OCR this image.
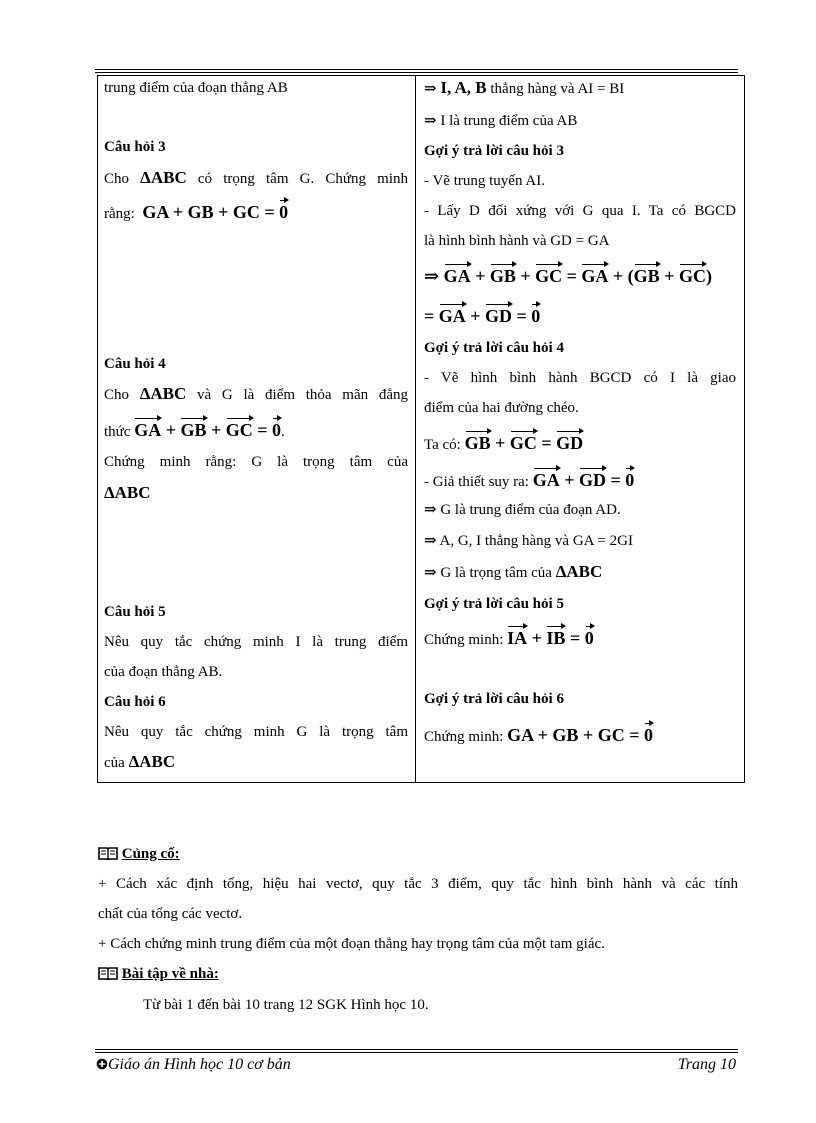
trung điểm của đoạn thẳng AB
Câu hỏi 3
Cho ΔABC có trọng tâm G. Chứng minh
rằng: GA + GB + GC = 0
Câu hỏi 4
Cho ΔABC và G là điểm thỏa mãn đẳng
thức GA + GB + GC = 0.
Chứng minh rằng: G là trọng tâm của
ΔABC
Câu hỏi 5
Nêu quy tắc chứng minh I là trung điểm
của đoạn thẳng AB.
Câu hỏi 6
Nêu quy tắc chứng minh G là trọng tâm
của ΔABC
⇒ I, A, B thẳng hàng và AI = BI
⇒ I là trung điểm của AB
Gợi ý trả lời câu hỏi 3
- Vẽ trung tuyến AI.
- Lấy D đối xứng với G qua I. Ta có BGCD
là hình bình hành và GD = GA
⇒ GA + GB + GC = GA + (GB + GC)
= GA + GD = 0
Gợi ý trả lời câu hỏi 4
- Vẽ hình bình hành BGCD có I là giao
điểm của hai đường chéo.
Ta có: GB + GC = GD
- Giả thiết suy ra: GA + GD = 0
⇒ G là trung điểm của đoạn AD.
⇒ A, G, I thẳng hàng và GA = 2GI
⇒ G là trọng tâm của ΔABC
Gợi ý trả lời câu hỏi 5
Chứng minh: IA + IB = 0
Gợi ý trả lời câu hỏi 6
Chứng minh: GA + GB + GC = 0
Củng cố:
+ Cách xác định tổng, hiệu hai vectơ, quy tắc 3 điểm, quy tắc hình bình hành và các tính
chất của tổng các vectơ.
+ Cách chứng minh trung điểm của một đoạn thẳng hay trọng tâm của một tam giác.
Bài tập về nhà:
Từ bài 1 đến bài 10 trang 12 SGK Hình học 10.
Giáo án Hình học 10 cơ bản	Trang 10
